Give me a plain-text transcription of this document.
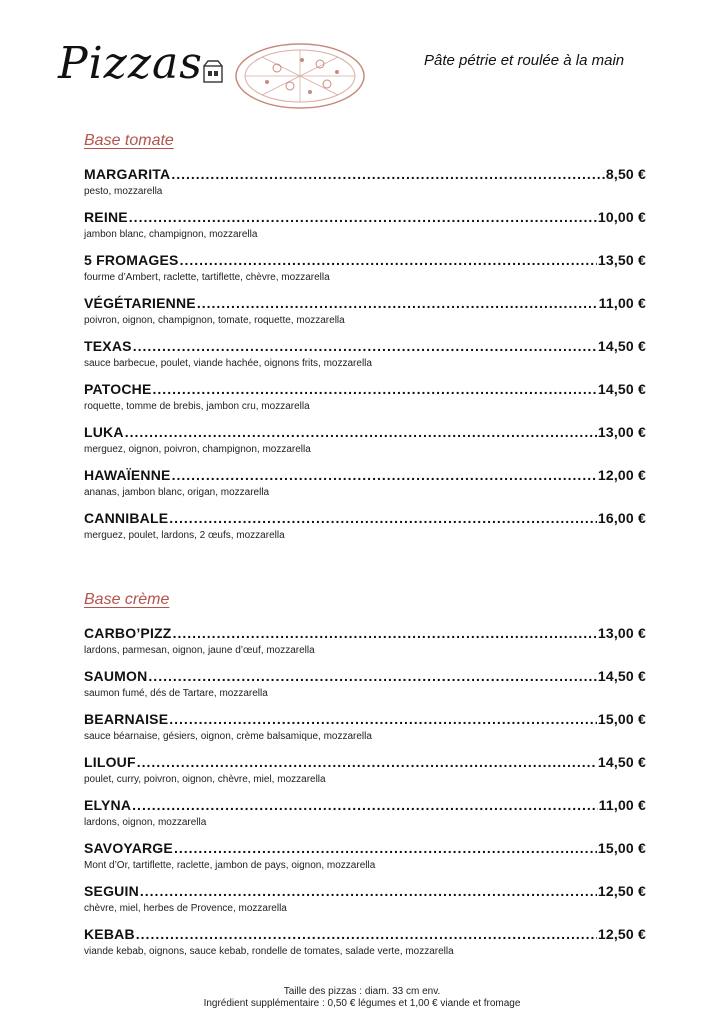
Pizzas	Pâte pétrie et roulée à la main
Base tomate
MARGARITA .....	8,50 €
pesto, mozzarella
REINE .....	10,00 €
jambon blanc, champignon, mozzarella
5 FROMAGES .....	13,50 €
fourme d’Ambert, raclette, tartiflette, chèvre, mozzarella
VÉGÉTARIENNE .....	11,00 €
poivron, oignon, champignon, tomate, roquette, mozzarella
TEXAS .....	14,50 €
sauce barbecue, poulet, viande hachée, oignons frits, mozzarella
PATOCHE .....	14,50 €
roquette, tomme de brebis, jambon cru, mozzarella
LUKA .....	13,00 €
merguez, oignon, poivron, champignon, mozzarella
HAWAÏENNE .....	12,00 €
ananas, jambon blanc, origan, mozzarella
CANNIBALE .....	16,00 €
merguez, poulet, lardons, 2 œufs, mozzarella
Base crème
CARBO’PIZZ .....	13,00 €
lardons, parmesan, oignon, jaune d’œuf, mozzarella
SAUMON .....	14,50 €
saumon fumé, dés de Tartare, mozzarella
BEARNAISE .....	15,00 €
sauce béarnaise, gésiers, oignon, crème balsamique, mozzarella
LILOUF .....	14,50 €
poulet, curry, poivron, oignon, chèvre, miel, mozzarella
ELYNA .....	11,00 €
lardons, oignon, mozzarella
SAVOYARGE .....	15,00 €
Mont d’Or, tartiflette, raclette, jambon de pays, oignon, mozzarella
SEGUIN .....	12,50 €
chèvre, miel, herbes de Provence, mozzarella
KEBAB .....	12,50 €
viande kebab, oignons, sauce kebab, rondelle de tomates, salade verte, mozzarella
Taille des pizzas : diam. 33 cm env.
Ingrédient supplémentaire : 0,50 € légumes et 1,00 € viande et fromage
